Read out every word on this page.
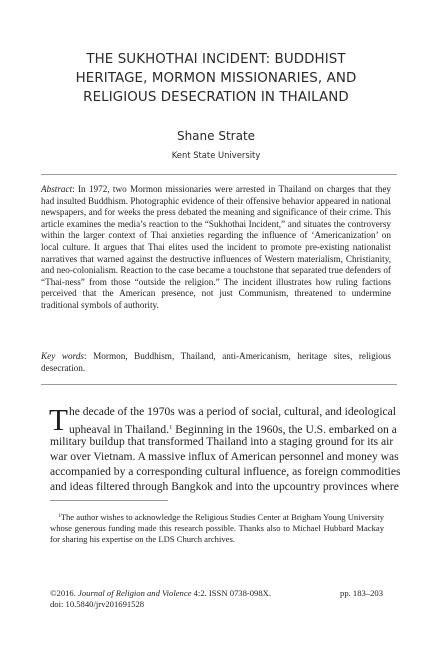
THE SUKHOTHAI INCIDENT: BUDDHIST
HERITAGE, MORMON MISSIONARIES, AND
RELIGIOUS DESECRATION IN THAILAND
Shane Strate
Kent State University
Abstract: In 1972, two Mormon missionaries were arrested in Thailand on charges that they had insulted Buddhism. Photographic evidence of their offensive behavior appeared in national newspapers, and for weeks the press debated the meaning and significance of their crime. This article examines the media’s reaction to the “Sukhothai Incident,” and situates the controversy within the larger context of Thai anxieties regarding the influence of ‘Americanization’ on local culture. It argues that Thai elites used the incident to promote pre-existing nationalist narratives that warned against the destructive influences of Western materialism, Christianity, and neo-colonialism. Reaction to the case became a touchstone that separated true defenders of “Thai-ness” from those “outside the religion.” The incident illustrates how ruling factions perceived that the American presence, not just Communism, threatened to undermine traditional symbols of authority.
Key words: Mormon, Buddhism, Thailand, anti-Americanism, heritage sites, religious desecration.
T he decade of the 1970s was a period of social, cultural, and ideological
upheaval in Thailand.$^1$ Beginning in the 1960s, the U.S. embarked on a
military buildup that transformed Thailand into a staging ground for its air
war over Vietnam. A massive influx of American personnel and money was
accompanied by a corresponding cultural influence, as foreign commodities
and ideas filtered through Bangkok and into the upcountry provinces where
$^1$The author wishes to acknowledge the Religious Studies Center at Brigham Young University whose generous funding made this research possible. Thanks also to Michael Hubbard Mackay for sharing his expertise on the LDS Church archives.
©2016. Journal of Religion and Violence 4:2. ISSN 0738-098X.
doi: 10.5840/jrv201691528
pp. 183–203
